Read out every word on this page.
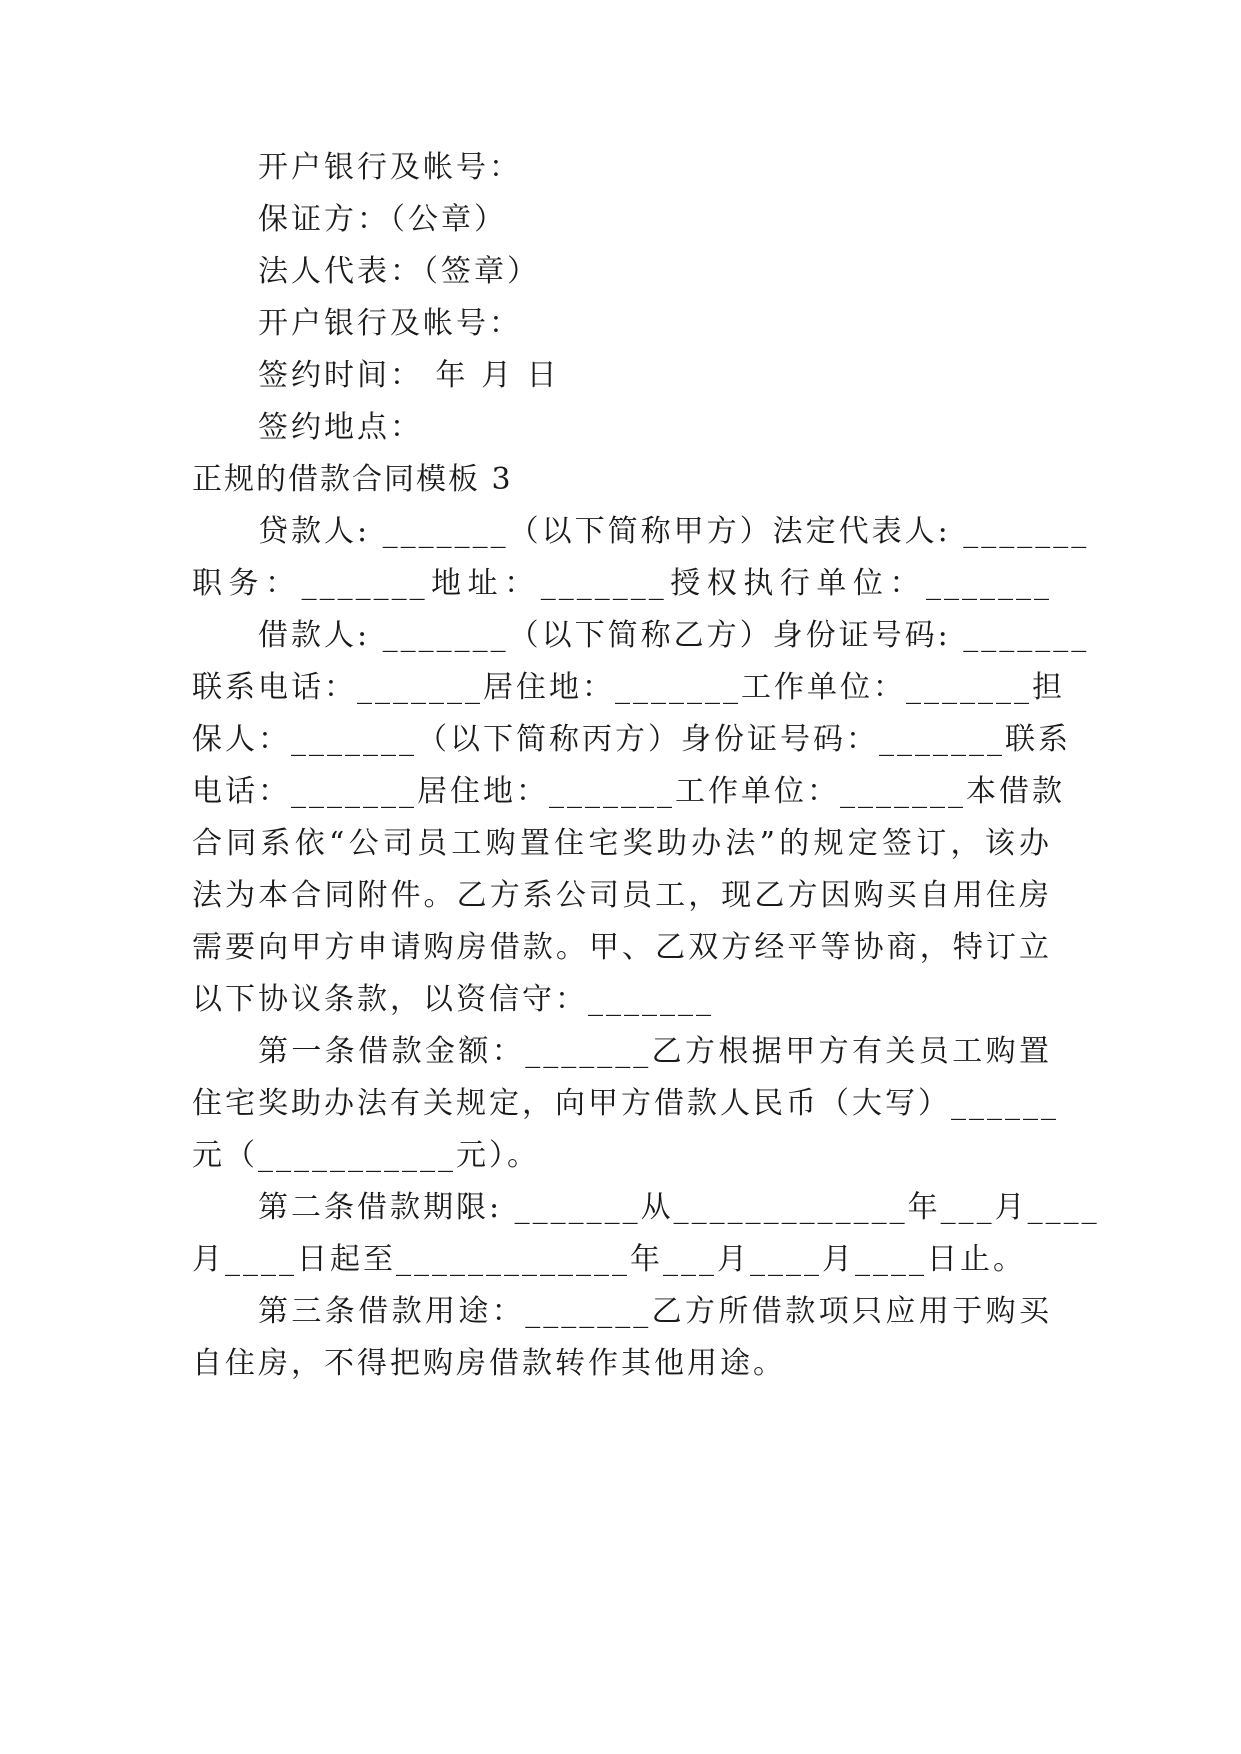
开户银行及帐号：
保证方：（公章）
法人代表：（签章）
开户银行及帐号：
签约时间： 年 月 日
签约地点：
正规的借款合同模板 3
贷款人: _______（以下简称甲方）法定代表人: _______
职务：_______地址：_______授权执行单位：_______
借款人: _______（以下简称乙方）身份证号码: _______
联系电话：_______居住地：_______工作单位：_______担
保人：_______（以下简称丙方）身份证号码：_______联系
电话：_______居住地：_______工作单位：_______本借款
合同系依“公司员工购置住宅奖助办法”的规定签订，该办
法为本合同附件。乙方系公司员工，现乙方因购买自用住房
需要向甲方申请购房借款。甲、乙双方经平等协商，特订立
以下协议条款，以资信守：_______
第一条借款金额：_______乙方根据甲方有关员工购置
住宅奖助办法有关规定，向甲方借款人民币（大写）______
元（___________元）。
第二条借款期限: _______从_____________年___月____
月____日起至_____________年___月____月____日止。
第三条借款用途：_______乙方所借款项只应用于购买
自住房，不得把购房借款转作其他用途。
